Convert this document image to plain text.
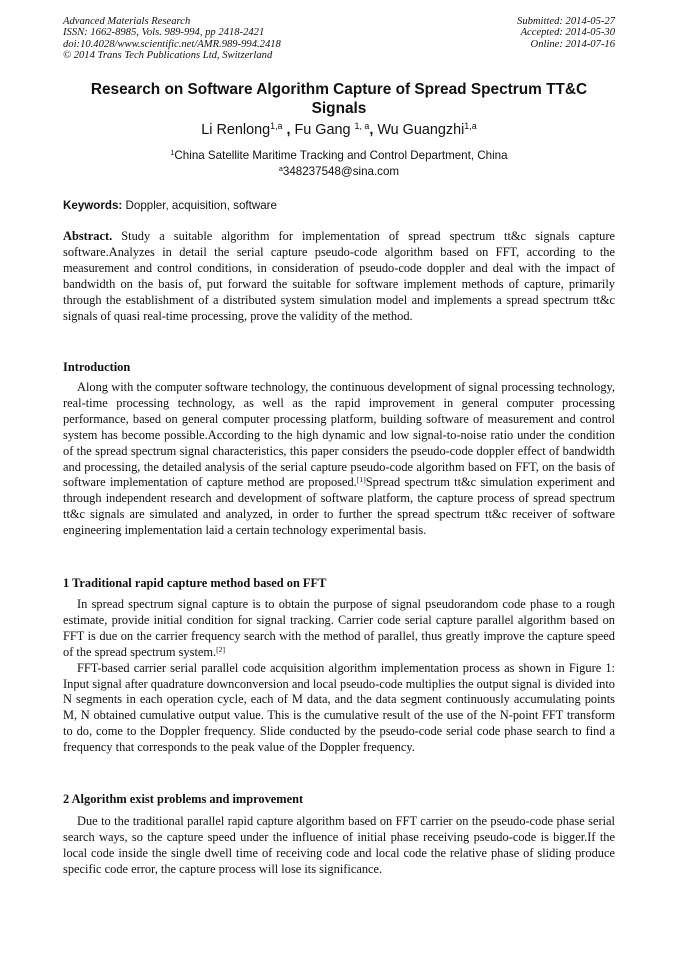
Advanced Materials Research
ISSN: 1662-8985, Vols. 989-994, pp 2418-2421
doi:10.4028/www.scientific.net/AMR.989-994.2418
© 2014 Trans Tech Publications Ltd, Switzerland
Submitted: 2014-05-27
Accepted: 2014-05-30
Online: 2014-07-16
Research on Software Algorithm Capture of Spread Spectrum TT&C Signals
Li Renlong$^{1,a}$ , Fu Gang $^{1, a}$, Wu Guangzhi$^{1,a}$
$^1$China Satellite Maritime Tracking and Control Department, China
$^a$348237548@sina.com
Keywords: Doppler, acquisition, software

Abstract. Study a suitable algorithm for implementation of spread spectrum tt&c signals capture software.Analyzes in detail the serial capture pseudo-code algorithm based on FFT, according to the measurement and control conditions, in consideration of pseudo-code doppler and deal with the impact of bandwidth on the basis of, put forward the suitable for software implement methods of capture, primarily through the establishment of a distributed system simulation model and implements a spread spectrum tt&c signals of quasi real-time processing, prove the validity of the method.

Introduction

Along with the computer software technology, the continuous development of signal processing technology, real-time processing technology, as well as the rapid improvement in general computer processing performance, based on general computer processing platform, building software of measurement and control system has become possible.According to the high dynamic and low signal-to-noise ratio under the condition of the spread spectrum signal characteristics, this paper considers the pseudo-code doppler effect of bandwidth and processing, the detailed analysis of the serial capture pseudo-code algorithm based on FFT, on the basis of software implementation of capture method are proposed.[1]Spread spectrum tt&c simulation experiment and through independent research and development of software platform, the capture process of spread spectrum tt&c signals are simulated and analyzed, in order to further the spread spectrum tt&c receiver of software engineering implementation laid a certain technology experimental basis.

1 Traditional rapid capture method based on FFT

In spread spectrum signal capture is to obtain the purpose of signal pseudorandom code phase to a rough estimate, provide initial condition for signal tracking. Carrier code serial capture parallel algorithm based on FFT is due on the carrier frequency search with the method of parallel, thus greatly improve the capture speed of the spread spectrum system.[2]

FFT-based carrier serial parallel code acquisition algorithm implementation process as shown in Figure 1: Input signal after quadrature downconversion and local pseudo-code multiplies the output signal is divided into N segments in each operation cycle, each of M data, and the data segment continuously accumulating points M, N obtained cumulative output value. This is the cumulative result of the use of the N-point FFT transform to do, come to the Doppler frequency. Slide conducted by the pseudo-code serial code phase search to find a frequency that corresponds to the peak value of the Doppler frequency.

2 Algorithm exist problems and improvement

Due to the traditional parallel rapid capture algorithm based on FFT carrier on the pseudo-code phase serial search ways, so the capture speed under the influence of initial phase receiving pseudo-code is bigger.If the local code inside the single dwell time of receiving code and local code the relative phase of sliding produce specific code error, the capture process will lose its significance.
